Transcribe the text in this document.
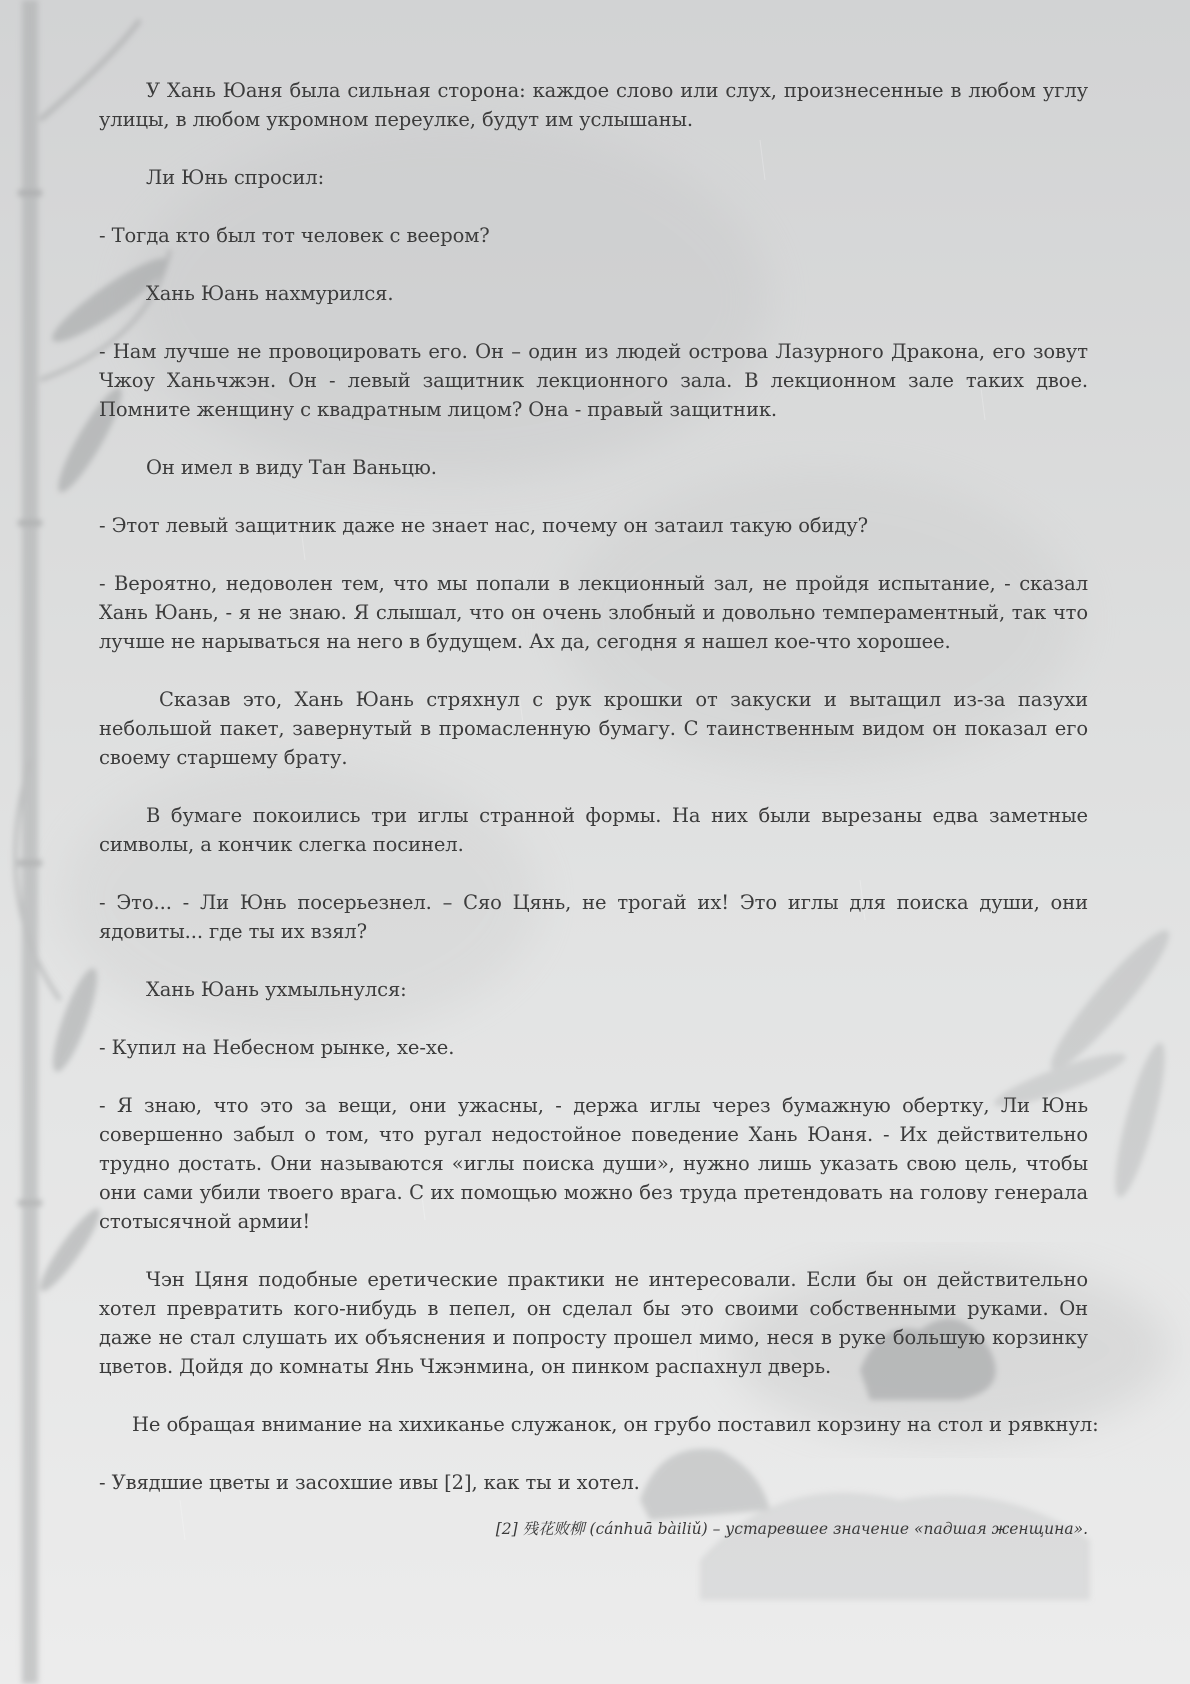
У Хань Юаня была сильная сторона: каждое слово или слух, произнесенные в любом углу улицы, в любом укромном переулке, будут им услышаны.

Ли Юнь спросил:

- Тогда кто был тот человек с веером?

Хань Юань нахмурился.

- Нам лучше не провоцировать его. Он – один из людей острова Лазурного Дракона, его зовут Чжоу Ханьчжэн. Он - левый защитник лекционного зала. В лекционном зале таких двое. Помните женщину с квадратным лицом? Она - правый защитник.

Он имел в виду Тан Ваньцю.

- Этот левый защитник даже не знает нас, почему он затаил такую обиду?

- Вероятно, недоволен тем, что мы попали в лекционный зал, не пройдя испытание, - сказал Хань Юань, - я не знаю. Я слышал, что он очень злобный и довольно темпераментный, так что лучше не нарываться на него в будущем. Ах да, сегодня я нашел кое-что хорошее.

Сказав это, Хань Юань стряхнул с рук крошки от закуски и вытащил из-за пазухи небольшой пакет, завернутый в промасленную бумагу. С таинственным видом он показал его своему старшему брату.

В бумаге покоились три иглы странной формы. На них были вырезаны едва заметные символы, а кончик слегка посинел.

- Это... - Ли Юнь посерьезнел. – Сяо Цянь, не трогай их! Это иглы для поиска души, они ядовиты... где ты их взял?

Хань Юань ухмыльнулся:

- Купил на Небесном рынке, хе-хе.

- Я знаю, что это за вещи, они ужасны, - держа иглы через бумажную обертку, Ли Юнь совершенно забыл о том, что ругал недостойное поведение Хань Юаня. - Их действительно трудно достать. Они называются «иглы поиска души», нужно лишь указать свою цель, чтобы они сами убили твоего врага. С их помощью можно без труда претендовать на голову генерала стотысячной армии!

Чэн Цяня подобные еретические практики не интересовали. Если бы он действительно хотел превратить кого-нибудь в пепел, он сделал бы это своими собственными руками. Он даже не стал слушать их объяснения и попросту прошел мимо, неся в руке большую корзинку цветов. Дойдя до комнаты Янь Чжэнмина, он пинком распахнул дверь.

Не обращая внимание на хихиканье служанок, он грубо поставил корзину на стол и рявкнул:

- Увядшие цветы и засохшие ивы [2], как ты и хотел.

[2] 残花败柳 (cánhuā bàiliǔ) – устаревшее значение «падшая женщина».
